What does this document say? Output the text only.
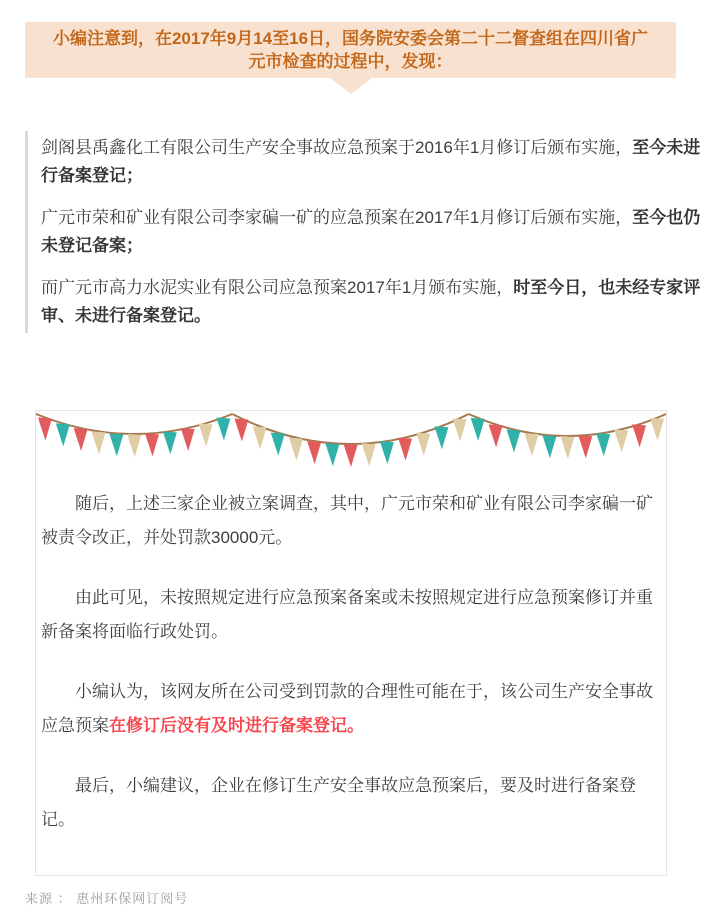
小编注意到，在2017年9月14至16日，国务院安委会第二十二督查组在四川省广元市检查的过程中，发现：

剑阁县禹鑫化工有限公司生产安全事故应急预案于2016年1月修订后颁布实施，至今未进行备案登记；

广元市荣和矿业有限公司李家碥一矿的应急预案在2017年1月修订后颁布实施，至今也仍未登记备案；

而广元市高力水泥实业有限公司应急预案2017年1月颁布实施，时至今日，也未经专家评审、未进行备案登记。

随后，上述三家企业被立案调查，其中，广元市荣和矿业有限公司李家碥一矿被责令改正，并处罚款30000元。

由此可见，未按照规定进行应急预案备案或未按照规定进行应急预案修订并重新备案将面临行政处罚。

小编认为，该网友所在公司受到罚款的合理性可能在于，该公司生产安全事故应急预案在修订后没有及时进行备案登记。

最后，小编建议，企业在修订生产安全事故应急预案后，要及时进行备案登记。

来源 ： 惠州环保网订阅号
